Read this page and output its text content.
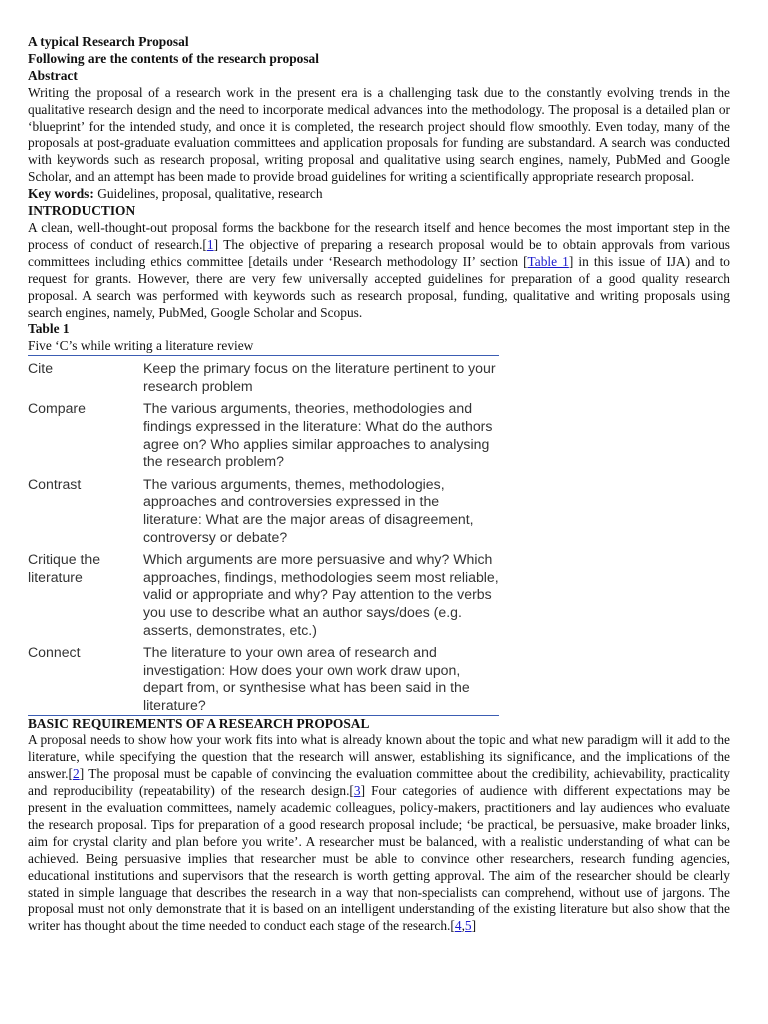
A typical Research Proposal

Following are the contents of the research proposal

Abstract

Writing the proposal of a research work in the present era is a challenging task due to the constantly evolving trends in the qualitative research design and the need to incorporate medical advances into the methodology. The proposal is a detailed plan or ‘blueprint’ for the intended study, and once it is completed, the research project should flow smoothly. Even today, many of the proposals at post-graduate evaluation committees and application proposals for funding are substandard. A search was conducted with keywords such as research proposal, writing proposal and qualitative using search engines, namely, PubMed and Google Scholar, and an attempt has been made to provide broad guidelines for writing a scientifically appropriate research proposal.

Key words: Guidelines, proposal, qualitative, research

INTRODUCTION

A clean, well-thought-out proposal forms the backbone for the research itself and hence becomes the most important step in the process of conduct of research.[1] The objective of preparing a research proposal would be to obtain approvals from various committees including ethics committee [details under ‘Research methodology II’ section [Table 1] in this issue of IJA) and to request for grants. However, there are very few universally accepted guidelines for preparation of a good quality research proposal. A search was performed with keywords such as research proposal, funding, qualitative and writing proposals using search engines, namely, PubMed, Google Scholar and Scopus.

Table 1

Five ‘C’s while writing a literature review

Cite	Keep the primary focus on the literature pertinent to your research problem
Compare	The various arguments, theories, methodologies and findings expressed in the literature: What do the authors agree on? Who applies similar approaches to analysing the research problem?
Contrast	The various arguments, themes, methodologies, approaches and controversies expressed in the literature: What are the major areas of disagreement, controversy or debate?
Critique the literature	Which arguments are more persuasive and why? Which approaches, findings, methodologies seem most reliable, valid or appropriate and why? Pay attention to the verbs you use to describe what an author says/does (e.g. asserts, demonstrates, etc.)
Connect	The literature to your own area of research and investigation: How does your own work draw upon, depart from, or synthesise what has been said in the literature?

BASIC REQUIREMENTS OF A RESEARCH PROPOSAL

A proposal needs to show how your work fits into what is already known about the topic and what new paradigm will it add to the literature, while specifying the question that the research will answer, establishing its significance, and the implications of the answer.[2] The proposal must be capable of convincing the evaluation committee about the credibility, achievability, practicality and reproducibility (repeatability) of the research design.[3] Four categories of audience with different expectations may be present in the evaluation committees, namely academic colleagues, policy-makers, practitioners and lay audiences who evaluate the research proposal. Tips for preparation of a good research proposal include; ‘be practical, be persuasive, make broader links, aim for crystal clarity and plan before you write’. A researcher must be balanced, with a realistic understanding of what can be achieved. Being persuasive implies that researcher must be able to convince other researchers, research funding agencies, educational institutions and supervisors that the research is worth getting approval. The aim of the researcher should be clearly stated in simple language that describes the research in a way that non-specialists can comprehend, without use of jargons. The proposal must not only demonstrate that it is based on an intelligent understanding of the existing literature but also show that the writer has thought about the time needed to conduct each stage of the research.[4,5]
